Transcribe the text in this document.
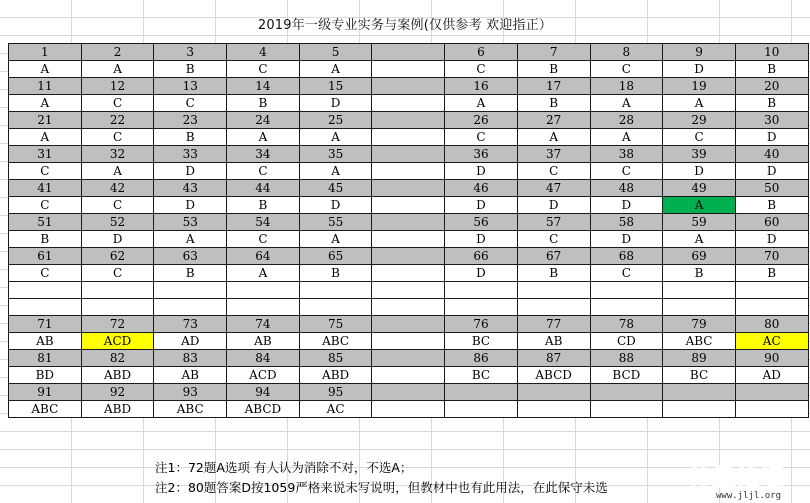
2019年一级专业实务与案例(仅供参考 欢迎指正）
1	2	3	4	5		6	7	8	9	10
A	A	B	C	A		C	B	C	D	B
11	12	13	14	15		16	17	18	19	20
A	C	C	B	D		A	B	A	A	B
21	22	23	24	25		26	27	28	29	30
A	C	B	A	A		C	A	A	C	D
31	32	33	34	35		36	37	38	39	40
C	A	D	C	A		D	C	C	D	D
41	42	43	44	45		46	47	48	49	50
C	C	D	B	D		D	D	D	A	B
51	52	53	54	55		56	57	58	59	60
B	D	A	C	A		D	C	D	A	D
61	62	63	64	65		66	67	68	69	70
C	C	B	A	B		D	B	C	B	B

71	72	73	74	75		76	77	78	79	80
AB	ACD	AD	AB	ABC		BC	AB	CD	ABC	AC
81	82	83	84	85		86	87	88	89	90
BD	ABD	AB	ACD	ABD		BC	ABCD	BCD	BC	AD
91	92	93	94	95						
ABC	ABD	ABC	ABCD	AC						
注1：72题A选项 有人认为消除不对，不选A；
注2：80题答案D按1059严格来说未写说明，但教材中也有此用法，在此保守未选	计量论坛
www.jljl.org
